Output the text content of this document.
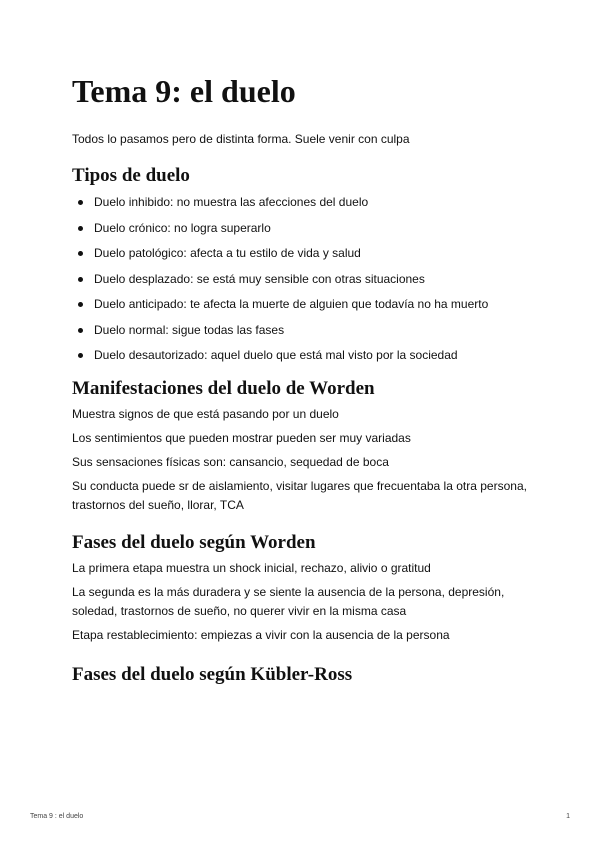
Tema 9: el duelo

Todos lo pasamos pero de distinta forma. Suele venir con culpa

Tipos de duelo
Duelo inhibido: no muestra las afecciones del duelo
Duelo crónico: no logra superarlo
Duelo patológico: afecta a tu estilo de vida y salud
Duelo desplazado: se está muy sensible con otras situaciones
Duelo anticipado: te afecta la muerte de alguien que todavía no ha muerto
Duelo normal: sigue todas las fases
Duelo desautorizado: aquel duelo que está mal visto por la sociedad
Manifestaciones del duelo de Worden

Muestra signos de que está pasando por un duelo

Los sentimientos que pueden mostrar pueden ser muy variadas

Sus sensaciones físicas son: cansancio, sequedad de boca

Su conducta puede sr de aislamiento, visitar lugares que frecuentaba la otra persona, trastornos del sueño, llorar, TCA

Fases del duelo según Worden

La primera etapa muestra un shock inicial, rechazo, alivio o gratitud

La segunda es la más duradera y se siente la ausencia de la persona, depresión, soledad, trastornos de sueño, no querer vivir en la misma casa

Etapa restablecimiento: empiezas a vivir con la ausencia de la persona

Fases del duelo según Kübler-Ross
Tema 9 : el duelo	1
